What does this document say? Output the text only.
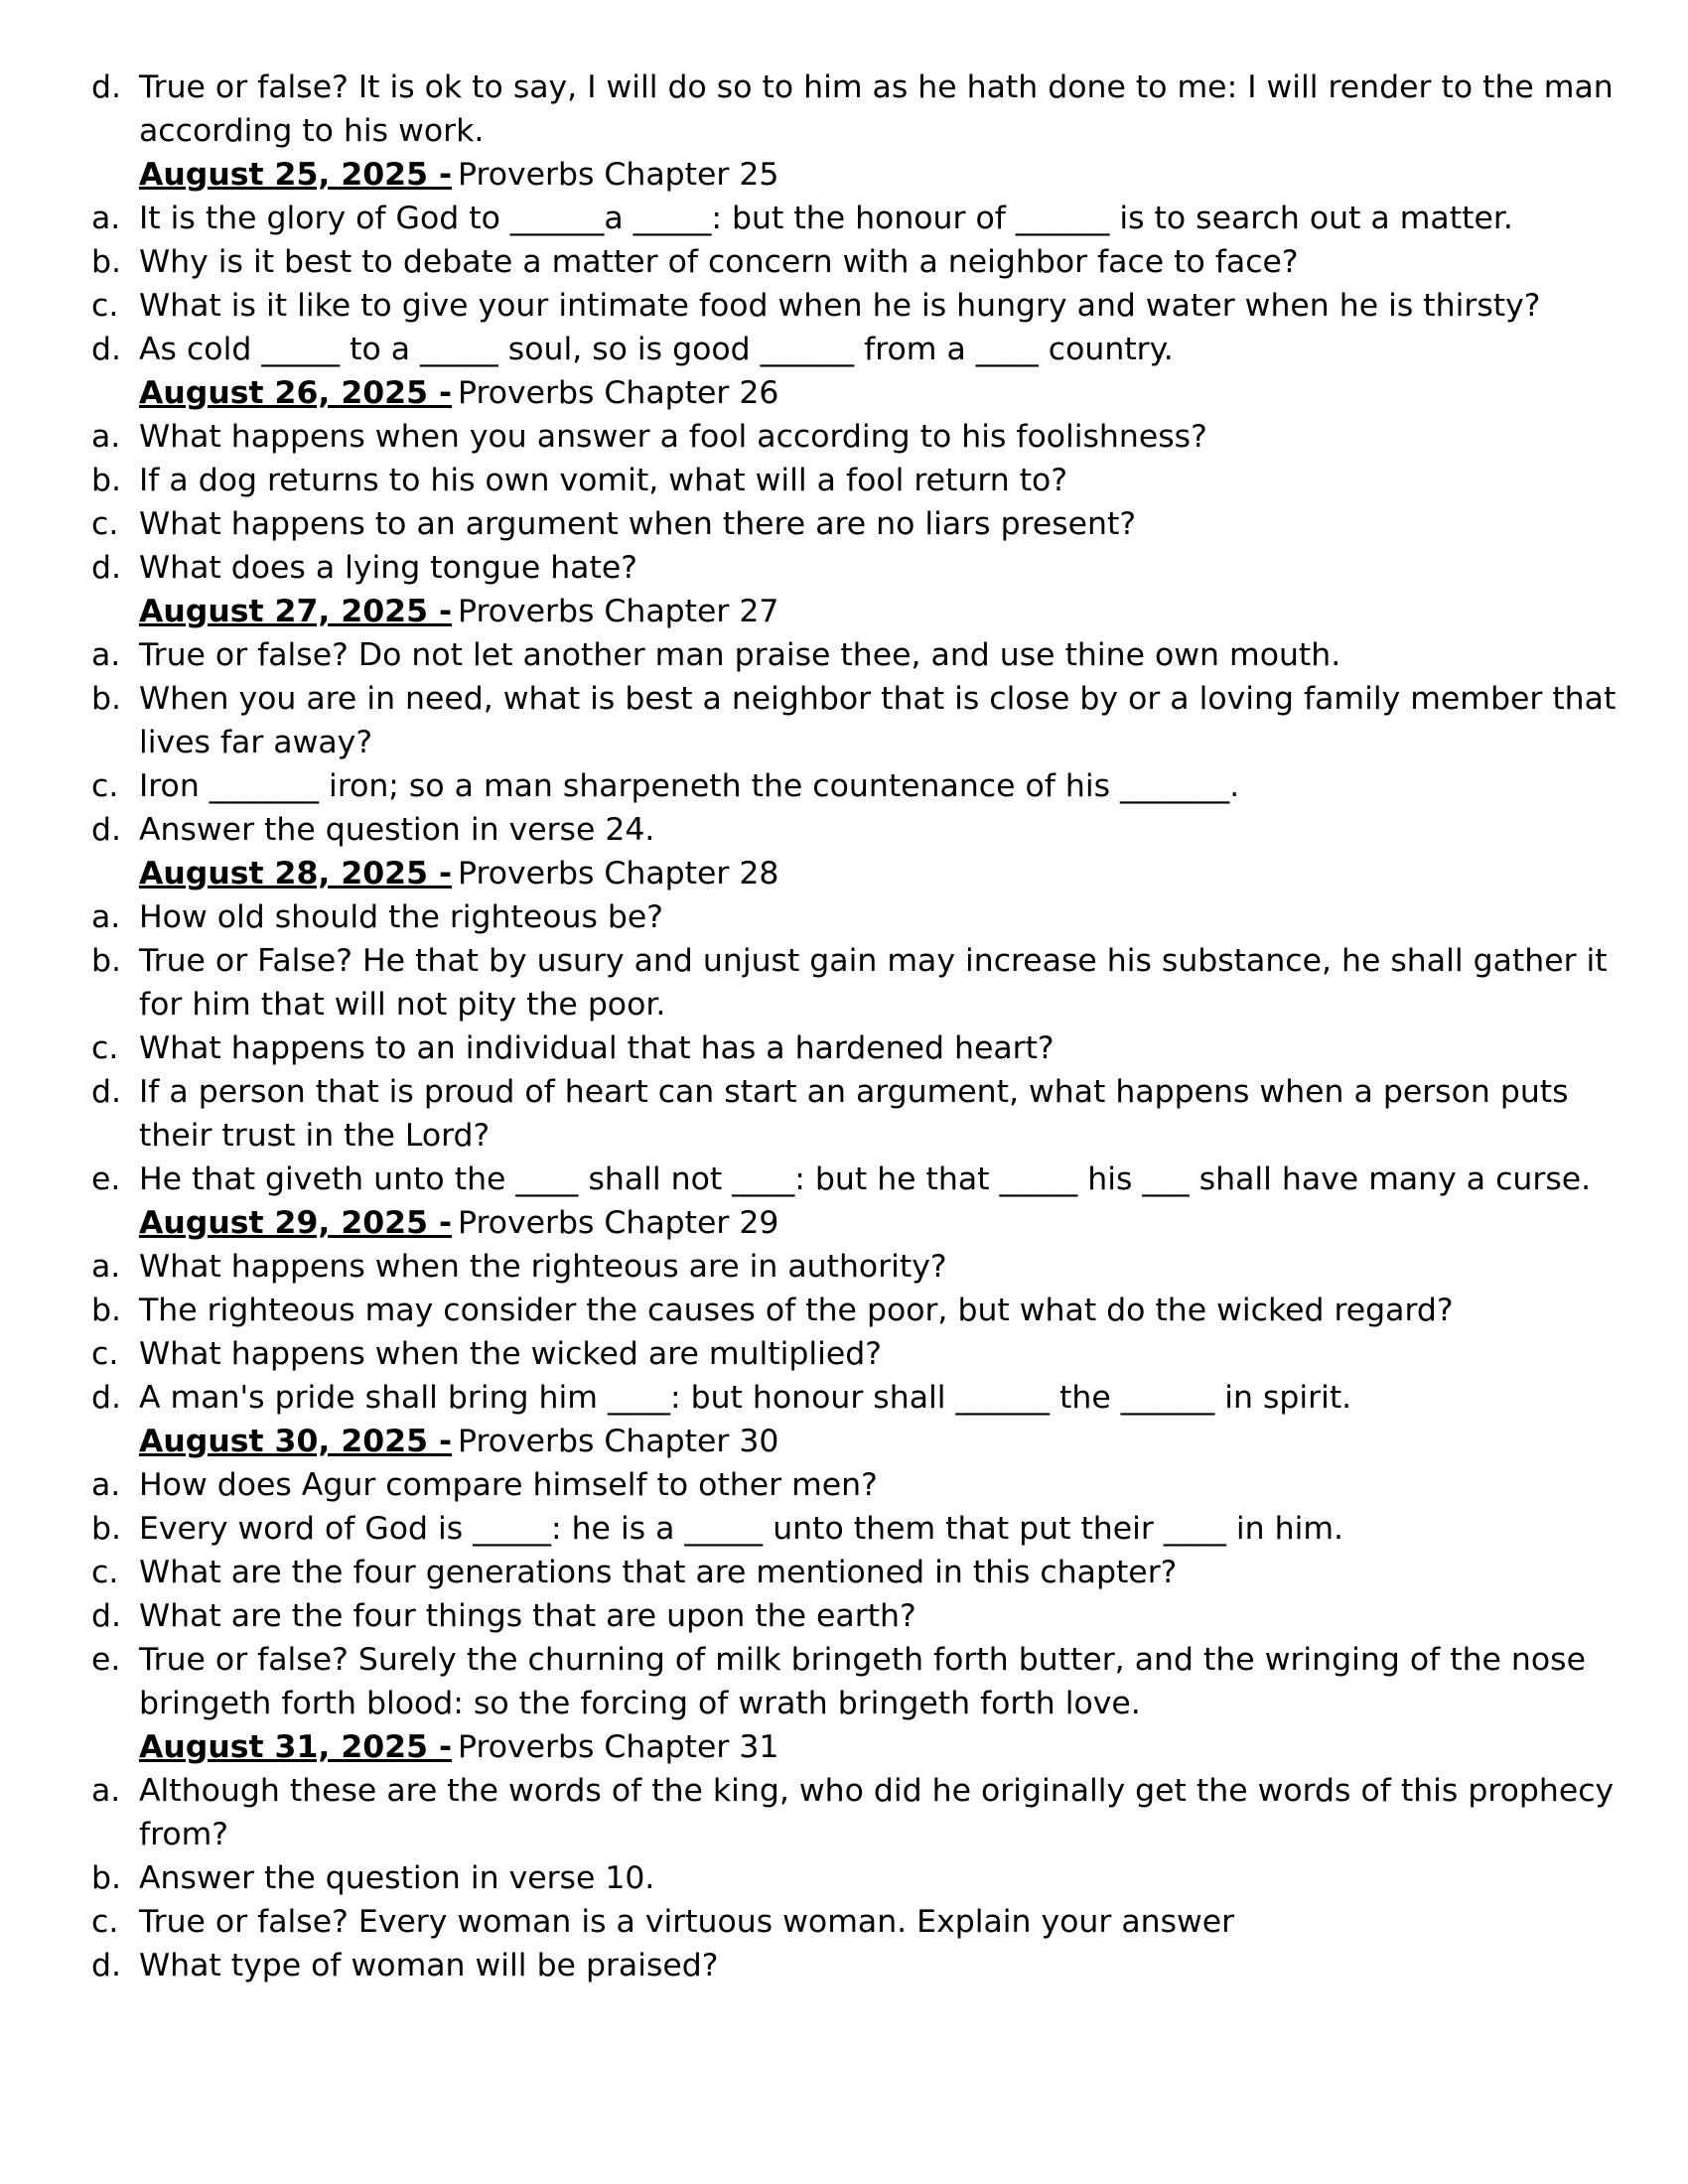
d. True or false? It is ok to say, I will do so to him as he hath done to me: I will render to the man according to his work.
August 25, 2025 - Proverbs Chapter 25
a. It is the glory of God to ______a _____: but the honour of ______ is to search out a matter.
b. Why is it best to debate a matter of concern with a neighbor face to face?
c. What is it like to give your intimate food when he is hungry and water when he is thirsty?
d. As cold _____ to a _____ soul, so is good ______ from a ____ country.
August 26, 2025 - Proverbs Chapter 26
a. What happens when you answer a fool according to his foolishness?
b. If a dog returns to his own vomit, what will a fool return to?
c. What happens to an argument when there are no liars present?
d. What does a lying tongue hate?
August 27, 2025 - Proverbs Chapter 27
a. True or false? Do not let another man praise thee, and use thine own mouth.
b. When you are in need, what is best a neighbor that is close by or a loving family member that lives far away?
c. Iron _______ iron; so a man sharpeneth the countenance of his _______.
d. Answer the question in verse 24.
August 28, 2025 - Proverbs Chapter 28
a. How old should the righteous be?
b. True or False? He that by usury and unjust gain may increase his substance, he shall gather it for him that will not pity the poor.
c. What happens to an individual that has a hardened heart?
d. If a person that is proud of heart can start an argument, what happens when a person puts their trust in the Lord?
e. He that giveth unto the ____ shall not ____: but he that _____ his ___ shall have many a curse.
August 29, 2025 - Proverbs Chapter 29
a. What happens when the righteous are in authority?
b. The righteous may consider the causes of the poor, but what do the wicked regard?
c. What happens when the wicked are multiplied?
d. A man's pride shall bring him ____: but honour shall ______ the ______ in spirit.
August 30, 2025 - Proverbs Chapter 30
a. How does Agur compare himself to other men?
b. Every word of God is _____: he is a _____ unto them that put their ____ in him.
c. What are the four generations that are mentioned in this chapter?
d. What are the four things that are upon the earth?
e. True or false? Surely the churning of milk bringeth forth butter, and the wringing of the nose bringeth forth blood: so the forcing of wrath bringeth forth love.
August 31, 2025 - Proverbs Chapter 31
a. Although these are the words of the king, who did he originally get the words of this prophecy from?
b. Answer the question in verse 10.
c. True or false? Every woman is a virtuous woman. Explain your answer
d. What type of woman will be praised?
